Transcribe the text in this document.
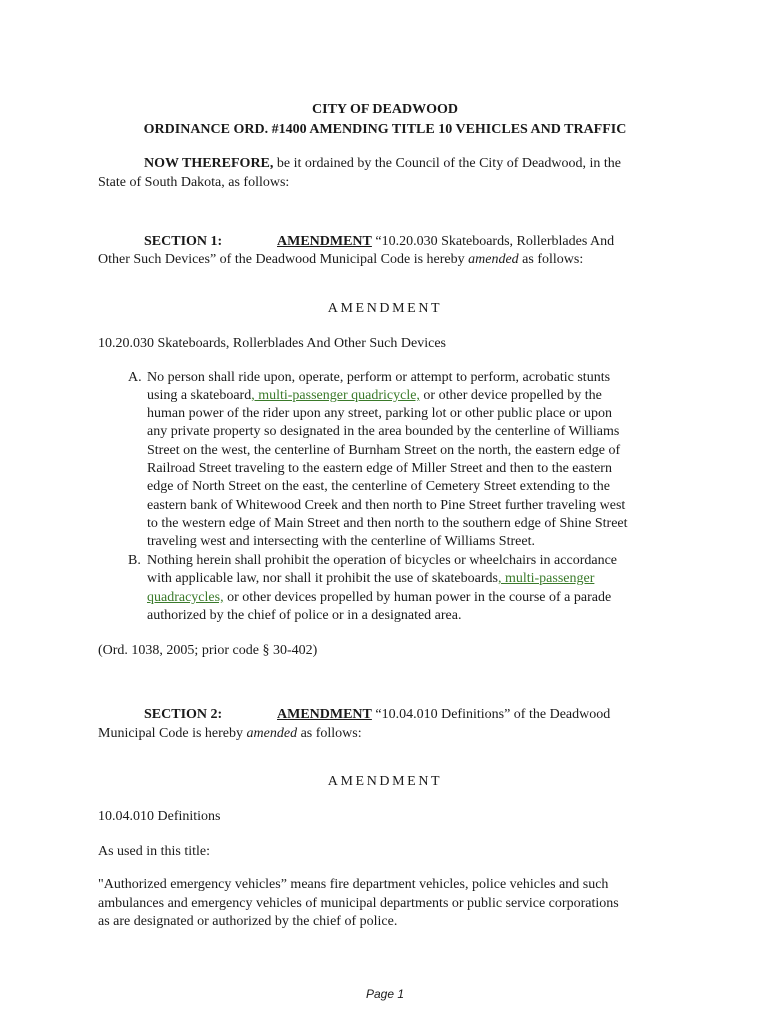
CITY OF DEADWOOD
ORDINANCE ORD. #1400 AMENDING TITLE 10 VEHICLES AND TRAFFIC
NOW THEREFORE, be it ordained by the Council of the City of Deadwood, in the
State of South Dakota, as follows:
SECTION 1:	AMENDMENT “10.20.030 Skateboards, Rollerblades And
Other Such Devices” of the Deadwood Municipal Code is hereby amended as follows:
AMENDMENT
10.20.030 Skateboards, Rollerblades And Other Such Devices
A. No person shall ride upon, operate, perform or attempt to perform, acrobatic stunts
using a skateboard, multi-passenger quadricycle, or other device propelled by the
human power of the rider upon any street, parking lot or other public place or upon
any private property so designated in the area bounded by the centerline of Williams
Street on the west, the centerline of Burnham Street on the north, the eastern edge of
Railroad Street traveling to the eastern edge of Miller Street and then to the eastern
edge of North Street on the east, the centerline of Cemetery Street extending to the
eastern bank of Whitewood Creek and then north to Pine Street further traveling west
to the western edge of Main Street and then north to the southern edge of Shine Street
traveling west and intersecting with the centerline of Williams Street.
B. Nothing herein shall prohibit the operation of bicycles or wheelchairs in accordance
with applicable law, nor shall it prohibit the use of skateboards, multi-passenger
quadracycles, or other devices propelled by human power in the course of a parade
authorized by the chief of police or in a designated area.
(Ord. 1038, 2005; prior code § 30-402)
SECTION 2:	AMENDMENT “10.04.010 Definitions” of the Deadwood
Municipal Code is hereby amended as follows:
AMENDMENT
10.04.010 Definitions
As used in this title:
"Authorized emergency vehicles” means fire department vehicles, police vehicles and such
ambulances and emergency vehicles of municipal departments or public service corporations
as are designated or authorized by the chief of police.
Page 1
